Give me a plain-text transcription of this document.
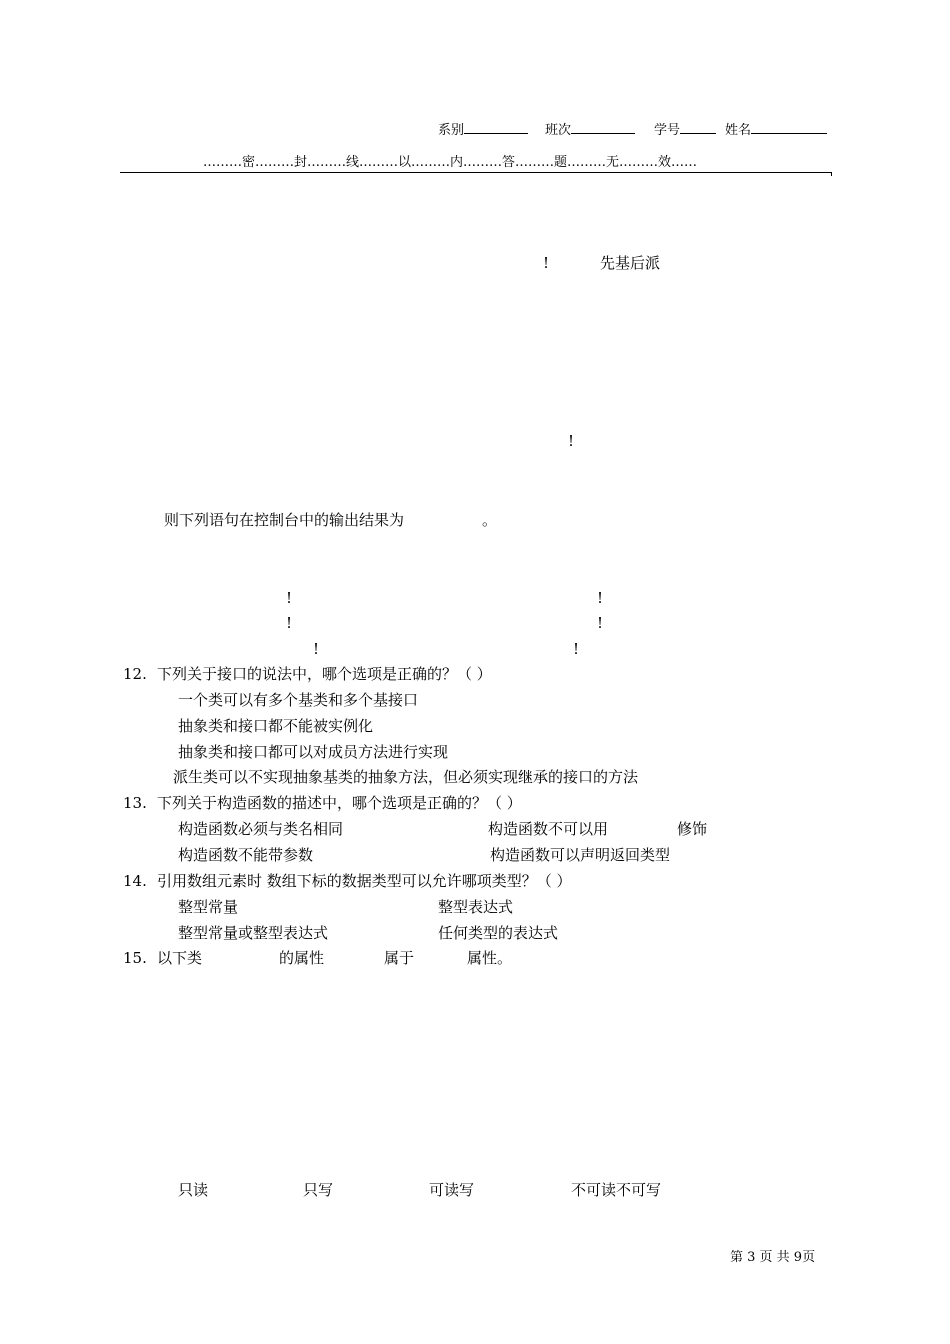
系别	班次	学号	姓名
………密………封………线………以………内………答………题………无………效……
!	先基后派
!
则下列语句在控制台中的输出结果为	。
!	!
!	!
!	!
12. 下列关于接口的说法中，哪个选项是正确的？（ ）
一个类可以有多个基类和多个基接口
抽象类和接口都不能被实例化
抽象类和接口都可以对成员方法进行实现
派生类可以不实现抽象基类的抽象方法，但必须实现继承的接口的方法
13. 下列关于构造函数的描述中，哪个选项是正确的？（ ）
构造函数必须与类名相同	构造函数不可以用	修饰
构造函数不能带参数	构造函数可以声明返回类型
14. 引用数组元素时 数组下标的数据类型可以允许哪项类型？（ ）
整型常量	整型表达式
整型常量或整型表达式	任何类型的表达式
15. 以下类	的属性	属于	属性。
只读	只写	可读写	不可读不可写
第 3 页 共 9页
